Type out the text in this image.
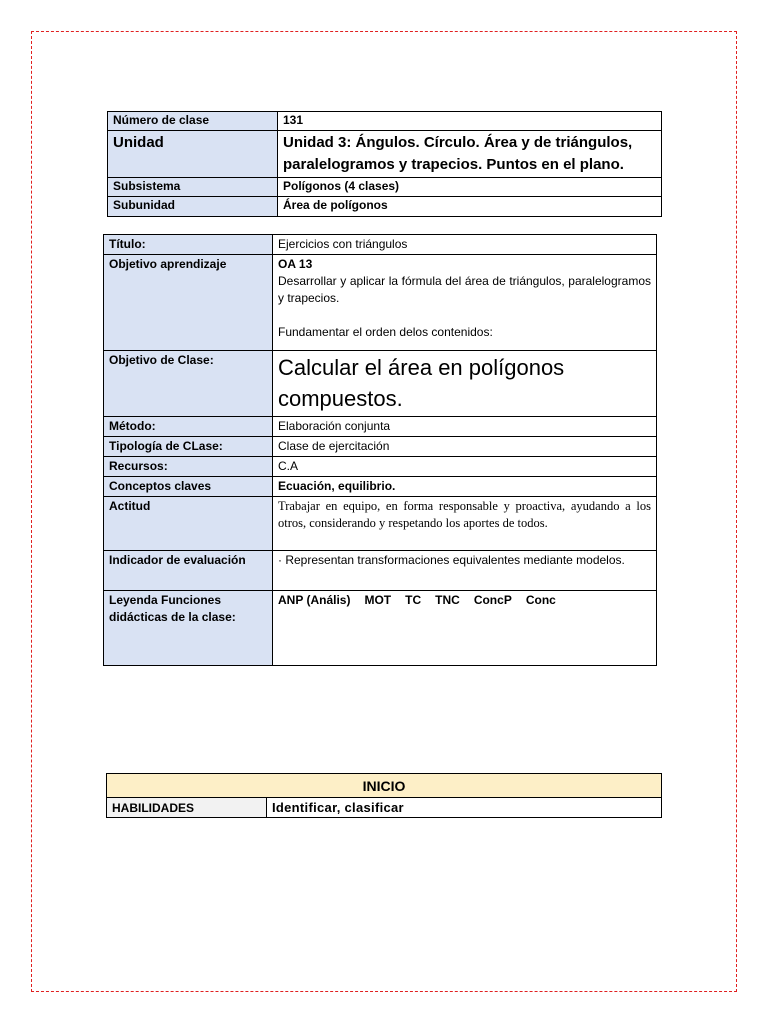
Número de clase	131
Unidad	Unidad 3: Ángulos. Círculo. Área y de triángulos,
paralelogramos y trapecios. Puntos en el plano.

Subsistema	Polígonos (4 clases)
Subunidad	Área de polígonos
Título:	Ejercicios con triángulos
Objetivo aprendizaje	OA 13
Desarrollar y aplicar la fórmula del área de triángulos, paralelogramos y trapecios.
Fundamentar el orden delos contenidos:

Objetivo de Clase:	Calcular el área en polígonos compuestos.
Método:	Elaboración conjunta
Tipología de CLase:	Clase de ejercitación
Recursos:	C.A
Conceptos claves	Ecuación, equilibrio.
Actitud	Trabajar en equipo, en forma responsable y proactiva, ayudando a los otros, considerando y respetando los aportes de todos.
Indicador de evaluación	· Representan transformaciones equivalentes mediante modelos.

Leyenda Funciones
didácticas de la clase:	ANP (Anális) MOT TC TNC ConcP Conc
INICIO
HABILIDADES	Identificar, clasificar
